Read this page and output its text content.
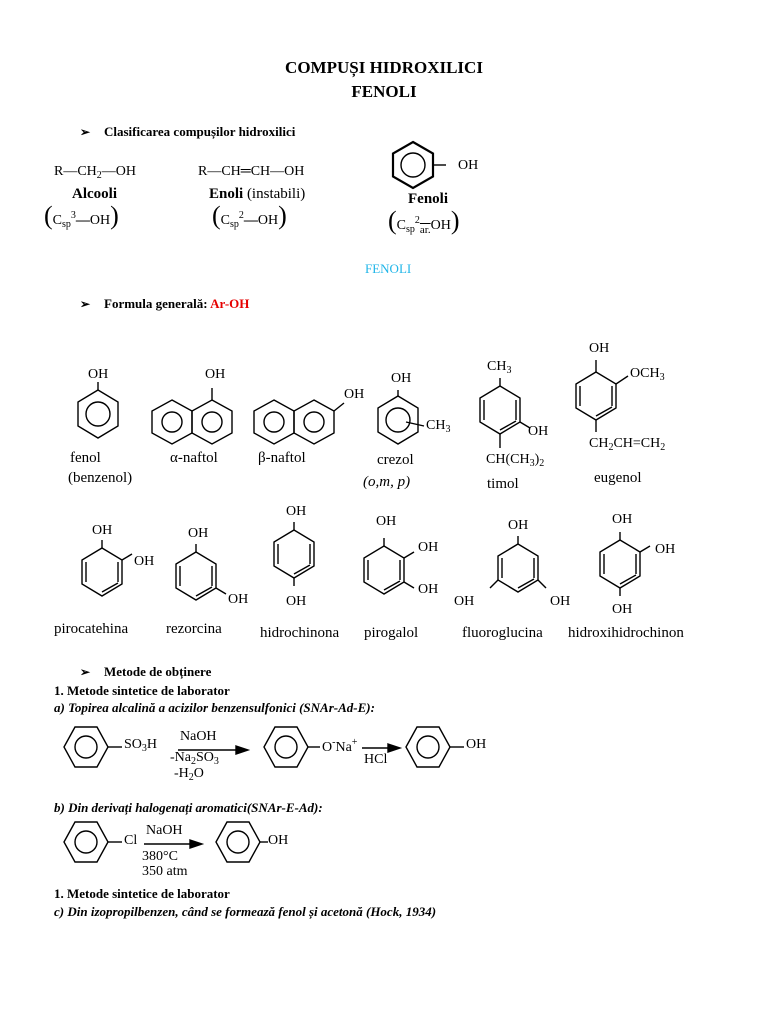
COMPUȘI HIDROXILICI
FENOLI
➢ Clasificarea compușilor hidroxilici
$R—CH_2—OH$
Alcooli
$(C_{sp}^3—OH)$
R—CH═CH—OH
Enoli (instabili)
$(C_{sp}^2—OH)$
OH
Fenoli
$(C_{sp}^2_{ar.}OH)$
FENOLI
➢ Formula generală: Ar-OH
OH
fenol
(benzenol)
OH
α-naftol
OH
β-naftol
OH
$CH_3$
crezol
(o,m, p)
$CH_3$
OH
$CH(CH_3)_2$
timol
OH
$OCH_3$
$CH_2CH=CH_2$
eugenol
OH
OH
pirocatehina
OH
OH
rezorcina
OH
OH
hidrochinona
OH
OH
OH
pirogalol
OH
OH	OH
fluoroglucina
OH
OH
OH
hidroxihidrochinon
➢ Metode de obținere
1. Metode sintetice de laborator
a) Topirea alcalină a acizilor benzensulfonici (SNAr-Ad-E):
$SO_3H$
NaOH
$-Na_2SO_3$
$-H_2O$
O-Na+
HCl
OH
b) Din derivați halogenați aromatici(SNAr-E-Ad):
Cl
NaOH
380°C
350 atm
OH
1. Metode sintetice de laborator
c) Din izopropilbenzen, când se formează fenol și acetonă (Hock, 1934)
